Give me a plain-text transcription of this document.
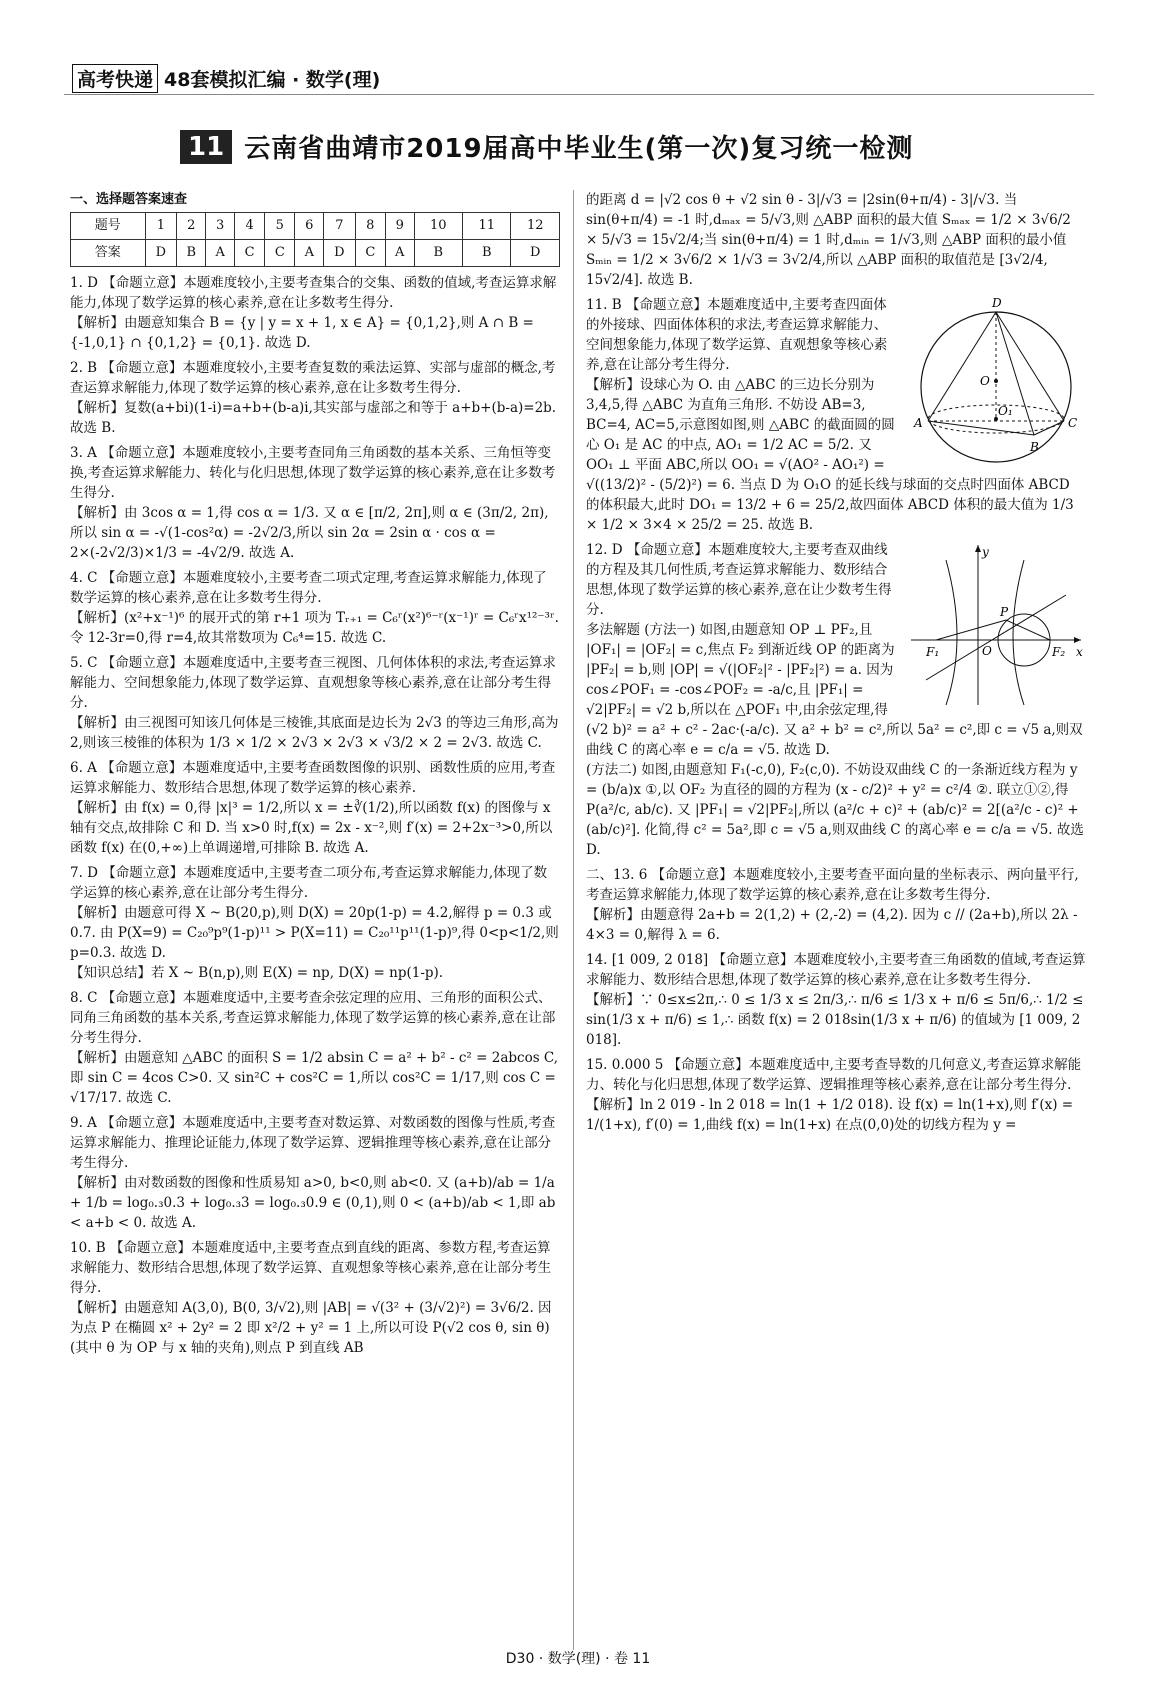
高考快递 48套模拟汇编 · 数学(理)
11 云南省曲靖市2019届高中毕业生(第一次)复习统一检测
一、选择题答案速查
题号	1	2	3	4	5	6	7	8	9	10	11	12
答案	D	B	A	C	C	A	D	C	A	B	B	D

1. D 【命题立意】本题难度较小,主要考查集合的交集、函数的值域,考查运算求解能力,体现了数学运算的核心素养,意在让多数考生得分.

【解析】由题意知集合 B = {y | y = x + 1, x ∈ A} = {0,1,2},则 A ∩ B = {-1,0,1} ∩ {0,1,2} = {0,1}. 故选 D.

2. B 【命题立意】本题难度较小,主要考查复数的乘法运算、实部与虚部的概念,考查运算求解能力,体现了数学运算的核心素养,意在让多数考生得分.

【解析】复数(a+bi)(1-i)=a+b+(b-a)i,其实部与虚部之和等于 a+b+(b-a)=2b. 故选 B.

3. A 【命题立意】本题难度较小,主要考查同角三角函数的基本关系、三角恒等变换,考查运算求解能力、转化与化归思想,体现了数学运算的核心素养,意在让多数考生得分.

【解析】由 3cos α = 1,得 cos α = 1/3. 又 α ∈ [π/2, 2π],则 α ∈ (3π/2, 2π),所以 sin α = -√(1-cos²α) = -2√2/3,所以 sin 2α = 2sin α · cos α = 2×(-2√2/3)×1/3 = -4√2/9. 故选 A.

4. C 【命题立意】本题难度较小,主要考查二项式定理,考查运算求解能力,体现了数学运算的核心素养,意在让多数考生得分.

【解析】(x²+x⁻¹)⁶ 的展开式的第 r+1 项为 Tᵣ₊₁ = C₆ʳ(x²)⁶⁻ʳ(x⁻¹)ʳ = C₆ʳx¹²⁻³ʳ. 令 12-3r=0,得 r=4,故其常数项为 C₆⁴=15. 故选 C.

5. C 【命题立意】本题难度适中,主要考查三视图、几何体体积的求法,考查运算求解能力、空间想象能力,体现了数学运算、直观想象等核心素养,意在让部分考生得分.

【解析】由三视图可知该几何体是三棱锥,其底面是边长为 2√3 的等边三角形,高为 2,则该三棱锥的体积为 1/3 × 1/2 × 2√3 × 2√3 × √3/2 × 2 = 2√3. 故选 C.

6. A 【命题立意】本题难度适中,主要考查函数图像的识别、函数性质的应用,考查运算求解能力、数形结合思想,体现了数学运算的核心素养.

【解析】由 f(x) = 0,得 |x|³ = 1/2,所以 x = ±∛(1/2),所以函数 f(x) 的图像与 x 轴有交点,故排除 C 和 D. 当 x>0 时,f(x) = 2x - x⁻²,则 f′(x) = 2+2x⁻³>0,所以函数 f(x) 在(0,+∞)上单调递增,可排除 B. 故选 A.

7. D 【命题立意】本题难度适中,主要考查二项分布,考查运算求解能力,体现了数学运算的核心素养,意在让部分考生得分.

【解析】由题意可得 X ~ B(20,p),则 D(X) = 20p(1-p) = 4.2,解得 p = 0.3 或 0.7. 由 P(X=9) = C₂₀⁹p⁹(1-p)¹¹ > P(X=11) = C₂₀¹¹p¹¹(1-p)⁹,得 0<p<1/2,则 p=0.3. 故选 D.

【知识总结】若 X ~ B(n,p),则 E(X) = np, D(X) = np(1-p).

8. C 【命题立意】本题难度适中,主要考查余弦定理的应用、三角形的面积公式、同角三角函数的基本关系,考查运算求解能力,体现了数学运算的核心素养,意在让部分考生得分.

【解析】由题意知 △ABC 的面积 S = 1/2 absin C = a² + b² - c² = 2abcos C,即 sin C = 4cos C>0. 又 sin²C + cos²C = 1,所以 cos²C = 1/17,则 cos C = √17/17. 故选 C.

9. A 【命题立意】本题难度适中,主要考查对数运算、对数函数的图像与性质,考查运算求解能力、推理论证能力,体现了数学运算、逻辑推理等核心素养,意在让部分考生得分.

【解析】由对数函数的图像和性质易知 a>0, b<0,则 ab<0. 又 (a+b)/ab = 1/a + 1/b = log₀.₃0.3 + log₀.₃3 = log₀.₃0.9 ∈ (0,1),则 0 < (a+b)/ab < 1,即 ab < a+b < 0. 故选 A.

10. B 【命题立意】本题难度适中,主要考查点到直线的距离、参数方程,考查运算求解能力、数形结合思想,体现了数学运算、直观想象等核心素养,意在让部分考生得分.

【解析】由题意知 A(3,0), B(0, 3/√2),则 |AB| = √(3² + (3/√2)²) = 3√6/2. 因为点 P 在椭圆 x² + 2y² = 2 即 x²/2 + y² = 1 上,所以可设 P(√2 cos θ, sin θ)(其中 θ 为 OP 与 x 轴的夹角),则点 P 到直线 AB

的距离 d = |√2 cos θ + √2 sin θ - 3|/√3 = |2sin(θ+π/4) - 3|/√3. 当 sin(θ+π/4) = -1 时,dₘₐₓ = 5/√3,则 △ABP 面积的最大值 Sₘₐₓ = 1/2 × 3√6/2 × 5/√3 = 15√2/4;当 sin(θ+π/4) = 1 时,dₘᵢₙ = 1/√3,则 △ABP 面积的最小值 Sₘᵢₙ = 1/2 × 3√6/2 × 1/√3 = 3√2/4,所以 △ABP 面积的取值范是 [3√2/4, 15√2/4]. 故选 B.

D
O
O₁
A
B
C

11. B 【命题立意】本题难度适中,主要考查四面体的外接球、四面体体积的求法,考查运算求解能力、空间想象能力,体现了数学运算、直观想象等核心素养,意在让部分考生得分.

【解析】设球心为 O. 由 △ABC 的三边长分别为 3,4,5,得 △ABC 为直角三角形. 不妨设 AB=3, BC=4, AC=5,示意图如图,则 △ABC 的截面圆的圆心 O₁ 是 AC 的中点, AO₁ = 1/2 AC = 5/2. 又 OO₁ ⊥ 平面 ABC,所以 OO₁ = √(AO² - AO₁²) = √((13/2)² - (5/2)²) = 6. 当点 D 为 O₁O 的延长线与球面的交点时四面体 ABCD 的体积最大,此时 DO₁ = 13/2 + 6 = 25/2,故四面体 ABCD 体积的最大值为 1/3 × 1/2 × 3×4 × 25/2 = 25. 故选 B.

y
x
O
P
F₁	F₂

12. D 【命题立意】本题难度较大,主要考查双曲线的方程及其几何性质,考查运算求解能力、数形结合思想,体现了数学运算的核心素养,意在让少数考生得分.

多法解题 (方法一) 如图,由题意知 OP ⊥ PF₂,且 |OF₁| = |OF₂| = c,焦点 F₂ 到渐近线 OP 的距离为 |PF₂| = b,则 |OP| = √(|OF₂|² - |PF₂|²) = a. 因为 cos∠POF₁ = -cos∠POF₂ = -a/c,且 |PF₁| = √2|PF₂| = √2 b,所以在 △POF₁ 中,由余弦定理,得 (√2 b)² = a² + c² - 2ac·(-a/c). 又 a² + b² = c²,所以 5a² = c²,即 c = √5 a,则双曲线 C 的离心率 e = c/a = √5. 故选 D.

(方法二) 如图,由题意知 F₁(-c,0), F₂(c,0). 不妨设双曲线 C 的一条渐近线方程为 y = (b/a)x ①,以 OF₂ 为直径的圆的方程为 (x - c/2)² + y² = c²/4 ②. 联立①②,得 P(a²/c, ab/c). 又 |PF₁| = √2|PF₂|,所以 (a²/c + c)² + (ab/c)² = 2[(a²/c - c)² + (ab/c)²]. 化简,得 c² = 5a²,即 c = √5 a,则双曲线 C 的离心率 e = c/a = √5. 故选 D.

二、13. 6 【命题立意】本题难度较小,主要考查平面向量的坐标表示、两向量平行,考查运算求解能力,体现了数学运算的核心素养,意在让多数考生得分.

【解析】由题意得 2a+b = 2(1,2) + (2,-2) = (4,2). 因为 c // (2a+b),所以 2λ - 4×3 = 0,解得 λ = 6.

14. [1 009, 2 018] 【命题立意】本题难度较小,主要考查三角函数的值域,考查运算求解能力、数形结合思想,体现了数学运算的核心素养,意在让多数考生得分.

【解析】∵ 0≤x≤2π,∴ 0 ≤ 1/3 x ≤ 2π/3,∴ π/6 ≤ 1/3 x + π/6 ≤ 5π/6,∴ 1/2 ≤ sin(1/3 x + π/6) ≤ 1,∴ 函数 f(x) = 2 018sin(1/3 x + π/6) 的值域为 [1 009, 2 018].

15. 0.000 5 【命题立意】本题难度适中,主要考查导数的几何意义,考查运算求解能力、转化与化归思想,体现了数学运算、逻辑推理等核心素养,意在让部分考生得分.

【解析】ln 2 019 - ln 2 018 = ln(1 + 1/2 018). 设 f(x) = ln(1+x),则 f′(x) = 1/(1+x), f′(0) = 1,曲线 f(x) = ln(1+x) 在点(0,0)处的切线方程为 y =

D30 · 数学(理) · 卷 11
